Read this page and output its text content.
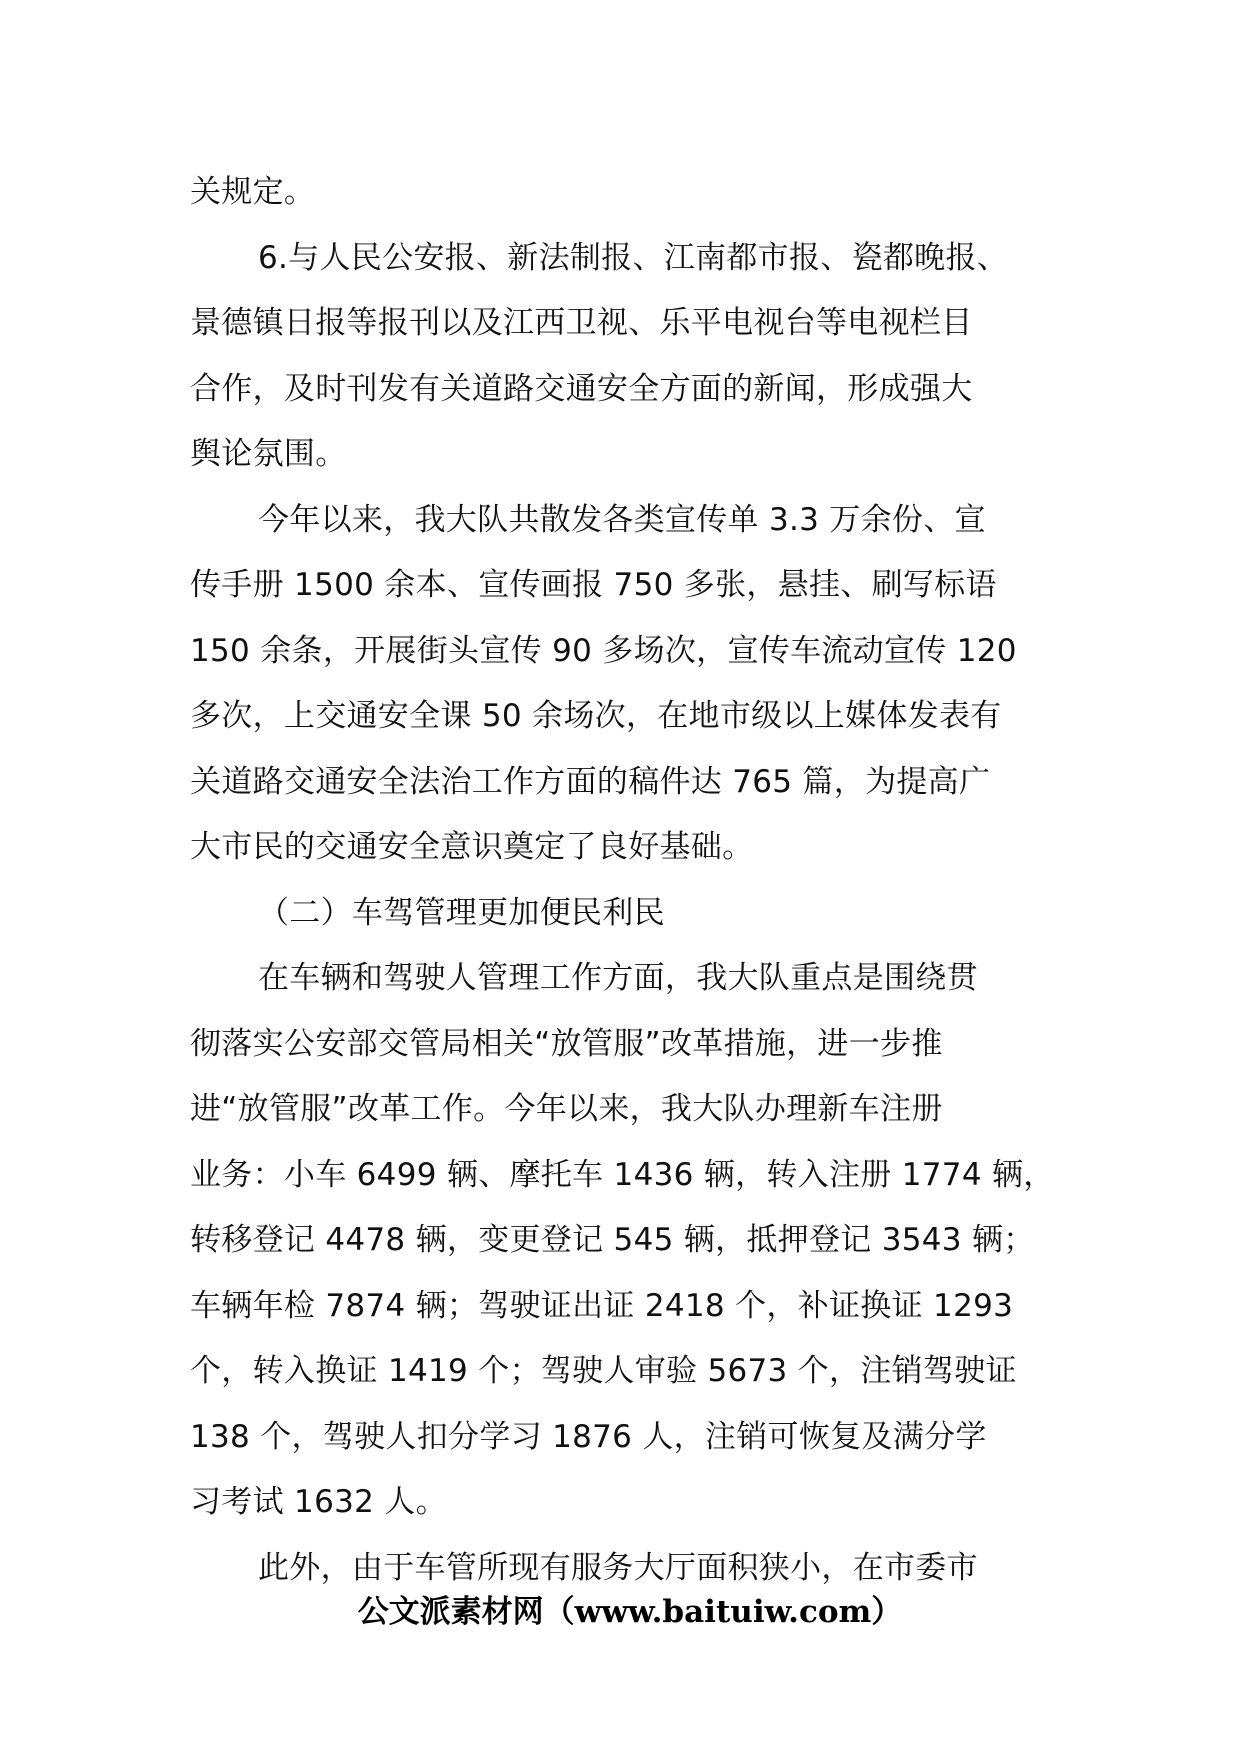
关规定。
6.与人民公安报、新法制报、江南都市报、瓷都晚报、
景德镇日报等报刊以及江西卫视、乐平电视台等电视栏目
合作，及时刊发有关道路交通安全方面的新闻，形成强大
舆论氛围。
今年以来，我大队共散发各类宣传单 3.3 万余份、宣
传手册 1500 余本、宣传画报 750 多张，悬挂、刷写标语
150 余条，开展街头宣传 90 多场次，宣传车流动宣传 120
多次，上交通安全课 50 余场次，在地市级以上媒体发表有
关道路交通安全法治工作方面的稿件达 765 篇，为提高广
大市民的交通安全意识奠定了良好基础。
（二）车驾管理更加便民利民
在车辆和驾驶人管理工作方面，我大队重点是围绕贯
彻落实公安部交管局相关“放管服”改革措施，进一步推
进“放管服”改革工作。今年以来，我大队办理新车注册
业务：小车 6499 辆、摩托车 1436 辆，转入注册 1774 辆，
转移登记 4478 辆，变更登记 545 辆，抵押登记 3543 辆；
车辆年检 7874 辆；驾驶证出证 2418 个，补证换证 1293
个，转入换证 1419 个；驾驶人审验 5673 个，注销驾驶证
138 个，驾驶人扣分学习 1876 人，注销可恢复及满分学
习考试 1632 人。
此外，由于车管所现有服务大厅面积狭小，在市委市
公文派素材网（www.baituiw.com）
